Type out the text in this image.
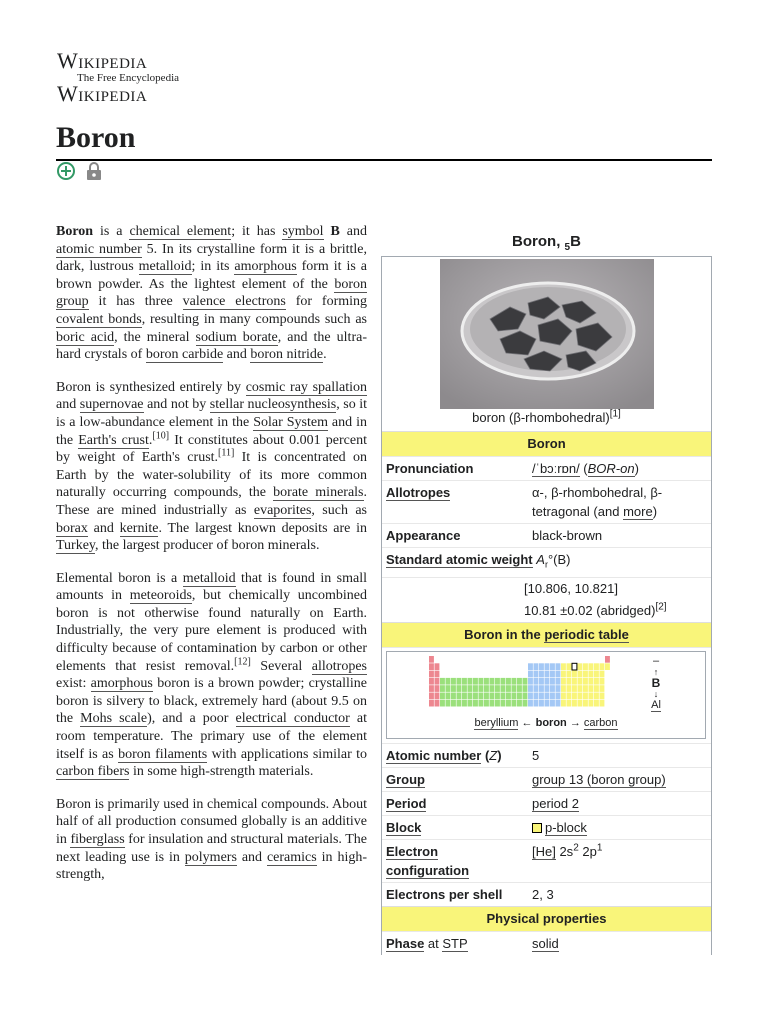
Wikipedia
The Free Encyclopedia
Wikipedia
Boron

Boron is a chemical element; it has symbol B and atomic number 5. In its crystalline form it is a brittle, dark, lustrous metalloid; in its amorphous form it is a brown powder. As the lightest element of the boron group it has three valence electrons for forming covalent bonds, resulting in many compounds such as boric acid, the mineral sodium borate, and the ultra-hard crystals of boron carbide and boron nitride.

Boron is synthesized entirely by cosmic ray spallation and supernovae and not by stellar nucleosynthesis, so it is a low-abundance element in the Solar System and in the Earth's crust.[10] It constitutes about 0.001 percent by weight of Earth's crust.[11] It is concentrated on Earth by the water-solubility of its more common naturally occurring compounds, the borate minerals. These are mined industrially as evaporites, such as borax and kernite. The largest known deposits are in Turkey, the largest producer of boron minerals.

Elemental boron is a metalloid that is found in small amounts in meteoroids, but chemically uncombined boron is not otherwise found naturally on Earth. Industrially, the very pure element is produced with difficulty because of contamination by carbon or other elements that resist removal.[12] Several allotropes exist: amorphous boron is a brown powder; crystalline boron is silvery to black, extremely hard (about 9.5 on the Mohs scale), and a poor electrical conductor at room temperature. The primary use of the element itself is as boron filaments with applications similar to carbon fibers in some high-strength materials.

Boron is primarily used in chemical compounds. About half of all production consumed globally is an additive in fiberglass for insulation and structural materials. The next leading use is in polymers and ceramics in high-strength,

Boron, $_5$B
boron (β-rhombohedral)[1]
Boron
Pronunciation	/ˈbɔːrɒn/ (BOR-on)
Allotropes	α-, β-rhombohedral, β-tetragonal (and more)
Appearance	black-brown
Standard atomic weight $A_r^\circ(B)$
[10.806, 10.821]
10.81 ±0.02 (abridged)[2]
Boron in the periodic table
–
↑
B
↓
Al
beryllium ← boron → carbon
Atomic number (Z)	5
Group	group 13 (boron group)
Period	period 2
Block	p-block
Electron configuration
[He] $2s^2$ $2p^1$
Electrons per shell	2, 3
Physical properties
Phase at STP	solid
